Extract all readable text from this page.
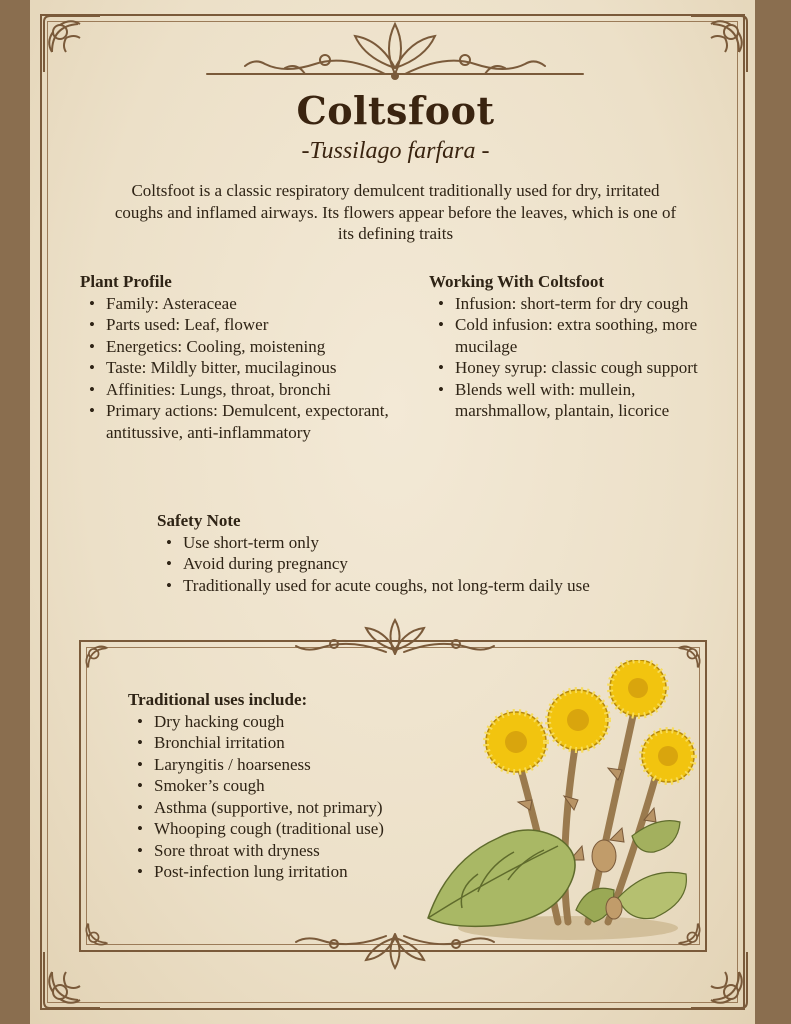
Coltsfoot
-Tussilago farfara -
Coltsfoot is a classic respiratory demulcent traditionally used for dry, irritated coughs and inflamed airways. Its flowers appear before the leaves, which is one of its defining traits
Plant Profile
• Family: Asteraceae
• Parts used: Leaf, flower
• Energetics: Cooling, moistening
• Taste: Mildly bitter, mucilaginous
• Affinities: Lungs, throat, bronchi
• Primary actions: Demulcent, expectorant, antitussive, anti-inflammatory
Working With Coltsfoot
• Infusion: short-term for dry cough
• Cold infusion: extra soothing, more mucilage
• Honey syrup: classic cough support
• Blends well with: mullein, marshmallow, plantain, licorice
Safety Note
• Use short-term only
• Avoid during pregnancy
• Traditionally used for acute coughs, not long-term daily use
Traditional uses include:
• Dry hacking cough
• Bronchial irritation
• Laryngitis / hoarseness
• Smoker’s cough
• Asthma (supportive, not primary)
• Whooping cough (traditional use)
• Sore throat with dryness
• Post-infection lung irritation
